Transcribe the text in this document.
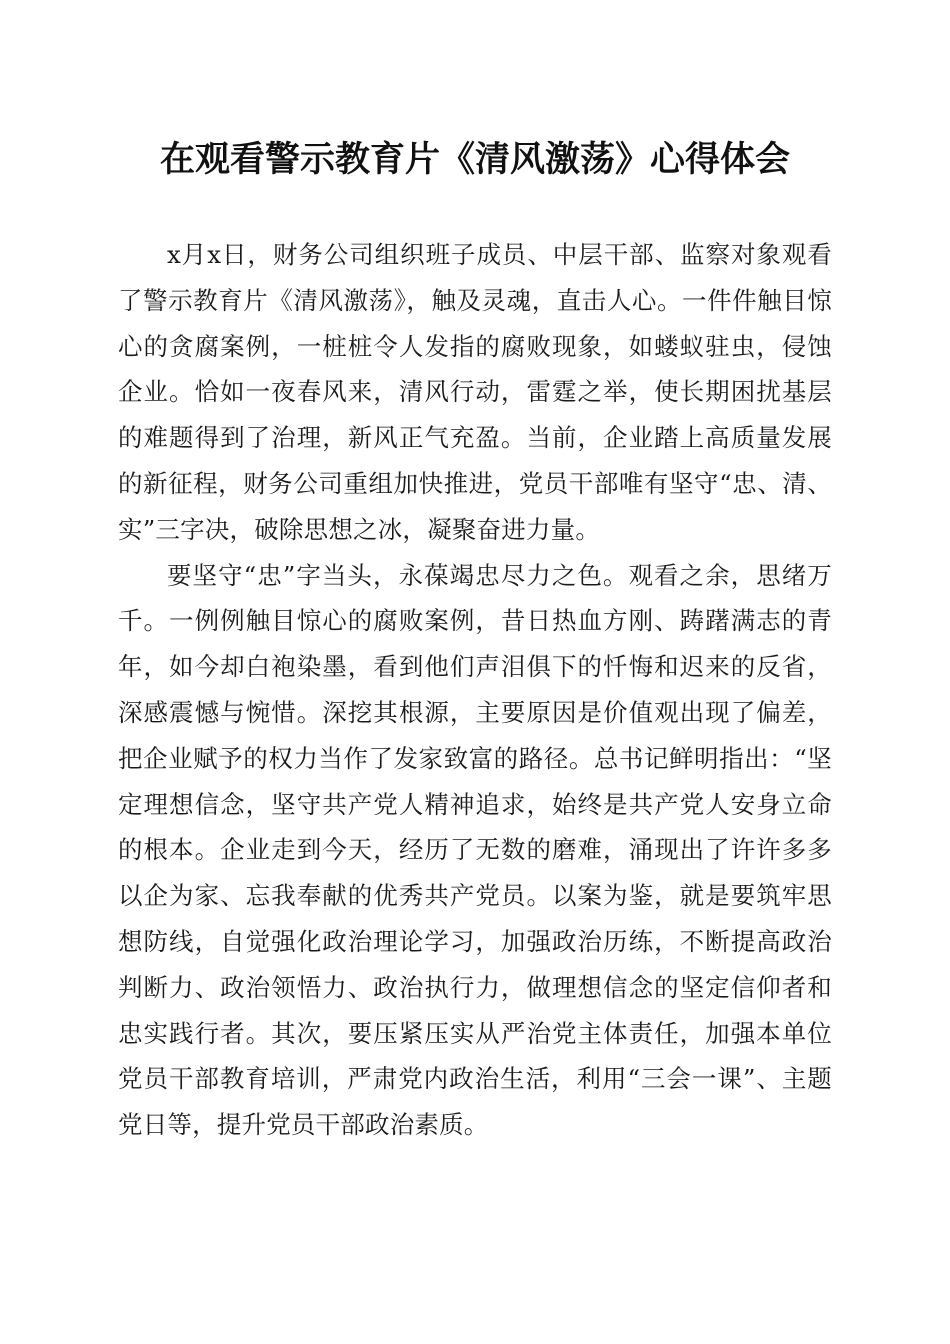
在观看警示教育片《清风激荡》心得体会

x月x日，财务公司组织班子成员、中层干部、监察对象观看了警示教育片《清风激荡》，触及灵魂，直击人心。一件件触目惊心的贪腐案例，一桩桩令人发指的腐败现象，如蝼蚁驻虫，侵蚀企业。恰如一夜春风来，清风行动，雷霆之举，使长期困扰基层的难题得到了治理，新风正气充盈。当前，企业踏上高质量发展的新征程，财务公司重组加快推进，党员干部唯有坚守“忠、清、实”三字决，破除思想之冰，凝聚奋进力量。

要坚守“忠”字当头，永葆竭忠尽力之色。观看之余，思绪万千。一例例触目惊心的腐败案例，昔日热血方刚、踌躇满志的青年，如今却白袍染墨，看到他们声泪俱下的忏悔和迟来的反省，深感震憾与惋惜。深挖其根源，主要原因是价值观出现了偏差，把企业赋予的权力当作了发家致富的路径。总书记鲜明指出：“坚定理想信念，坚守共产党人精神追求，始终是共产党人安身立命的根本。企业走到今天，经历了无数的磨难，涌现出了许许多多以企为家、忘我奉献的优秀共产党员。以案为鉴，就是要筑牢思想防线，自觉强化政治理论学习，加强政治历练，不断提高政治判断力、政治领悟力、政治执行力，做理想信念的坚定信仰者和忠实践行者。其次，要压紧压实从严治党主体责任，加强本单位党员干部教育培训，严肃党内政治生活，利用“三会一课”、主题党日等，提升党员干部政治素质。
